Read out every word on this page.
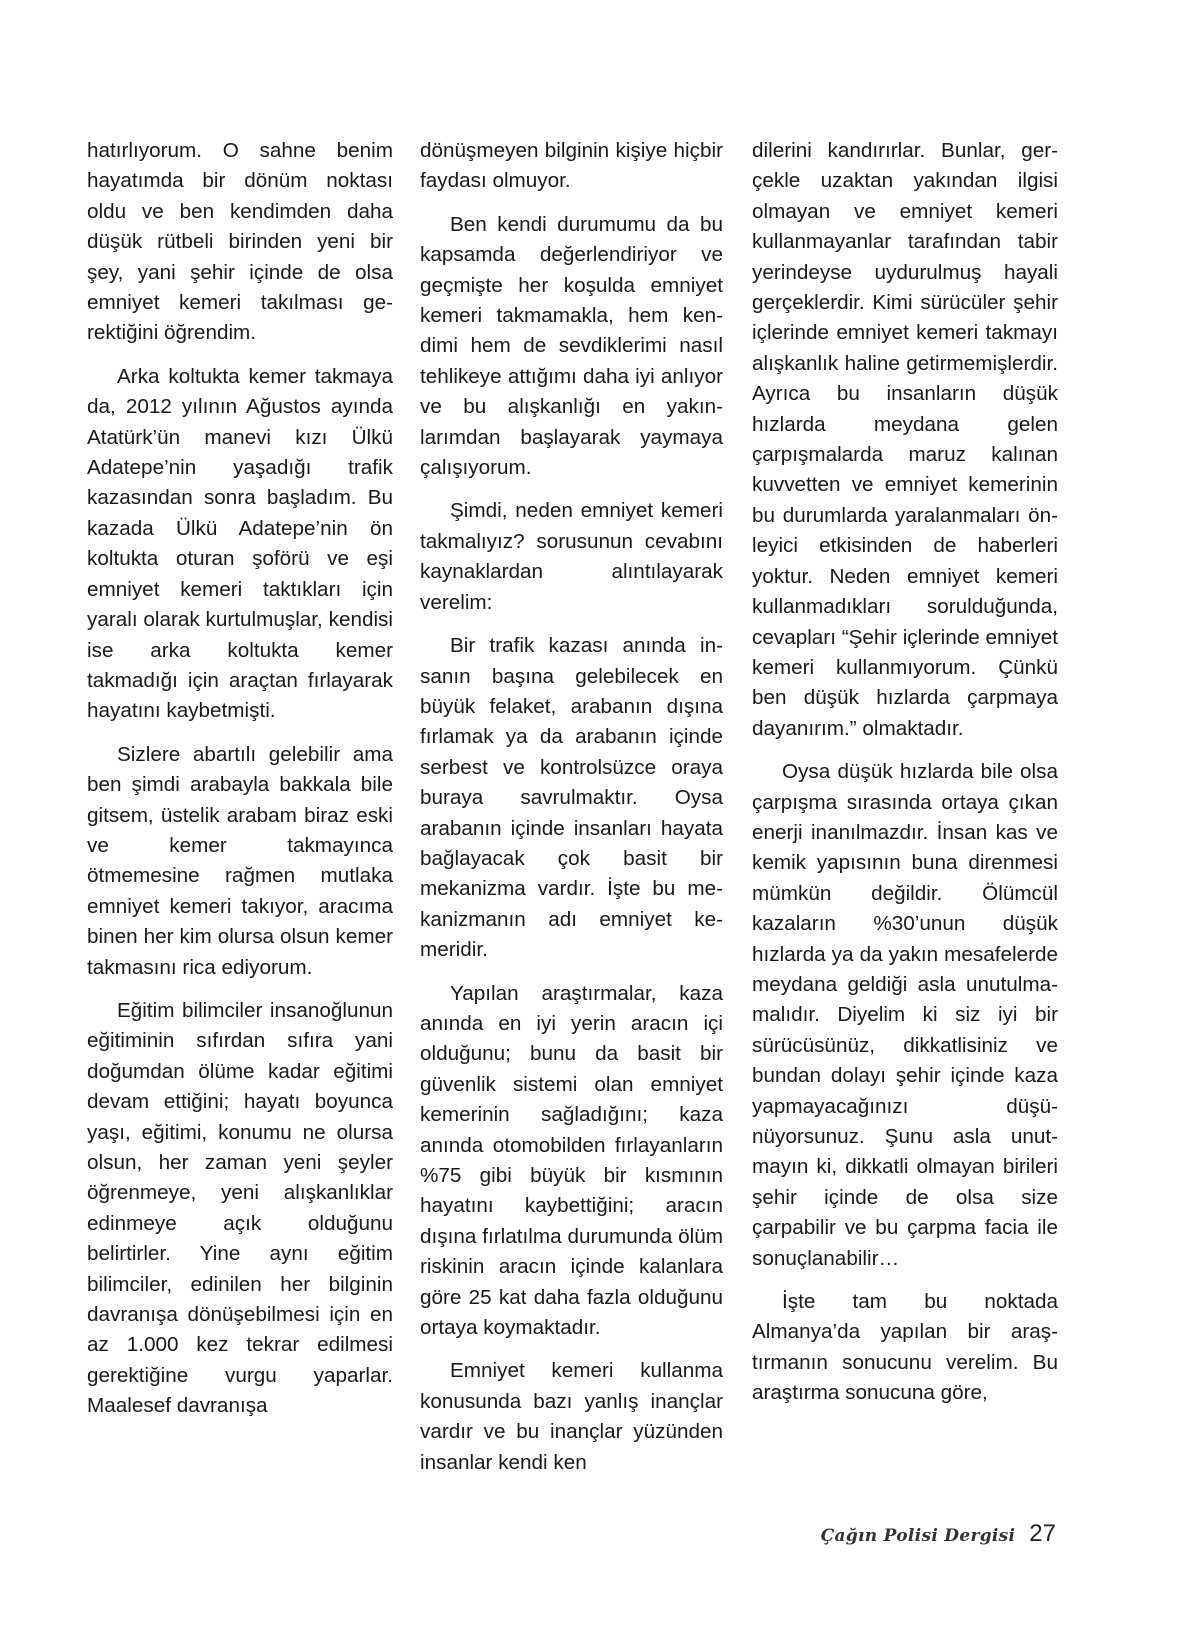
hatırlıyorum. O sahne benim hayatımda bir dönüm noktası oldu ve ben kendimden daha düşük rütbeli birinden yeni bir şey, yani şehir içinde de olsa emniyet kemeri takılması gerektiğini öğrendim.

Arka koltukta kemer takmaya da, 2012 yılının Ağustos ayında Atatürk’ün manevi kızı Ülkü Adatepe’nin yaşadığı trafik kazasından sonra başladım. Bu kazada Ülkü Adatepe’nin ön koltukta oturan şoförü ve eşi emniyet kemeri taktıkları için yaralı olarak kurtulmuşlar, kendisi ise arka koltukta kemer takmadığı için araçtan fırlayarak hayatını kaybetmişti.

Sizlere abartılı gelebilir ama ben şimdi arabayla bakkala bile gitsem, üstelik arabam biraz eski ve kemer takmayınca ötmemesine rağmen mutlaka emniyet kemeri takıyor, aracıma binen her kim olursa olsun kemer takmasını rica ediyorum.

Eğitim bilimciler insanoğlunun eğitiminin sıfırdan sıfıra yani doğumdan ölüme kadar eğitimi devam ettiğini; hayatı boyunca yaşı, eğitimi, konumu ne olursa olsun, her zaman yeni şeyler öğrenmeye, yeni alışkanlıklar edinmeye açık olduğunu belirtirler. Yine aynı eğitim bilimciler, edinilen her bilginin davranışa dönüşebilmesi için en az 1.000 kez tekrar edilmesi gerektiğine vurgu yaparlar. Maalesef davranışa

dönüşmeyen bilginin kişiye hiçbir faydası olmuyor.

Ben kendi durumumu da bu kapsamda değerlendiriyor ve geçmişte her koşulda emniyet kemeri takmamakla, hem kendimi hem de sevdiklerimi nasıl tehlikeye attığımı daha iyi anlıyor ve bu alışkanlığı en yakınlarımdan başlayarak yaymaya çalışıyorum.

Şimdi, neden emniyet kemeri takmalıyız? sorusunun cevabını kaynaklardan alıntılayarak verelim:

Bir trafik kazası anında insanın başına gelebilecek en büyük felaket, arabanın dışına fırlamak ya da arabanın içinde serbest ve kontrolsüzce oraya buraya savrulmaktır. Oysa arabanın içinde insanları hayata bağlayacak çok basit bir mekanizma vardır. İşte bu mekanizmanın adı emniyet kemeridir.

Yapılan araştırmalar, kaza anında en iyi yerin aracın içi olduğunu; bunu da basit bir güvenlik sistemi olan emniyet kemerinin sağladığını; kaza anında otomobilden fırlayanların %75 gibi büyük bir kısmının hayatını kaybettiğini; aracın dışına fırlatılma durumunda ölüm riskinin aracın içinde kalanlara göre 25 kat daha fazla olduğunu ortaya koymaktadır.

Emniyet kemeri kullanma konusunda bazı yanlış inançlar vardır ve bu inançlar yüzünden insanlar kendi ken

dilerini kandırırlar. Bunlar, gerçekle uzaktan yakından ilgisi olmayan ve emniyet kemeri kullanmayanlar tarafından tabir yerindeyse uydurulmuş hayali gerçeklerdir. Kimi sürücüler şehir içlerinde emniyet kemeri takmayı alışkanlık haline getirmemişlerdir. Ayrıca bu insanların düşük hızlarda meydana gelen çarpışmalarda maruz kalınan kuvvetten ve emniyet kemerinin bu durumlarda yaralanmaları önleyici etkisinden de haberleri yoktur. Neden emniyet kemeri kullanmadıkları sorulduğunda, cevapları “Şehir içlerinde emniyet kemeri kullanmıyorum. Çünkü ben düşük hızlarda çarpmaya dayanırım.” olmaktadır.

Oysa düşük hızlarda bile olsa çarpışma sırasında ortaya çıkan enerji inanılmazdır. İnsan kas ve kemik yapısının buna direnmesi mümkün değildir. Ölümcül kazaların %30’unun düşük hızlarda ya da yakın mesafelerde meydana geldiği asla unutulmamalıdır. Diyelim ki siz iyi bir sürücüsünüz, dikkatlisiniz ve bundan dolayı şehir içinde kaza yapmayacağınızı düşünüyorsunuz. Şunu asla unutmayın ki, dikkatli olmayan birileri şehir içinde de olsa size çarpabilir ve bu çarpma facia ile sonuçlanabilir…

İşte tam bu noktada Almanya’da yapılan bir araştırmanın sonucunu verelim. Bu araştırma sonucuna göre,

Çağın Polisi Dergisi 27
